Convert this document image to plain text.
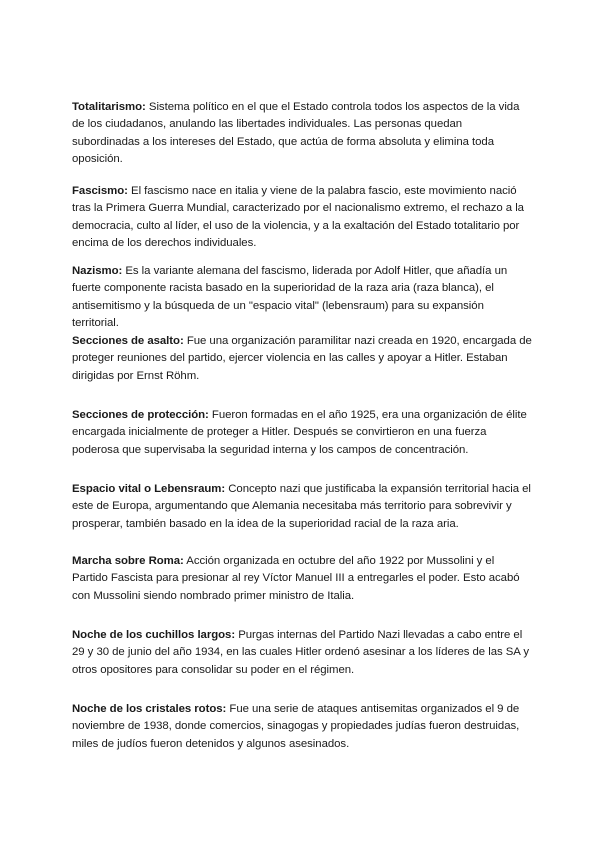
Totalitarismo: Sistema político en el que el Estado controla todos los aspectos de la vida de los ciudadanos, anulando las libertades individuales. Las personas quedan subordinadas a los intereses del Estado, que actúa de forma absoluta y elimina toda oposición.

Fascismo: El fascismo nace en italia y viene de la palabra fascio, este movimiento nació tras la Primera Guerra Mundial, caracterizado por el nacionalismo extremo, el rechazo a la democracia, culto al líder, el uso de la violencia, y a la exaltación del Estado totalitario por encima de los derechos individuales.

Nazismo: Es la variante alemana del fascismo, liderada por Adolf Hitler, que añadía un fuerte componente racista basado en la superioridad de la raza aria (raza blanca), el antisemitismo y la búsqueda de un "espacio vital" (lebensraum) para su expansión territorial.

Secciones de asalto: Fue una organización paramilitar nazi creada en 1920, encargada de proteger reuniones del partido, ejercer violencia en las calles y apoyar a Hitler. Estaban dirigidas por Ernst Röhm.

Secciones de protección: Fueron formadas en el año 1925, era una organización de élite encargada inicialmente de proteger a Hitler. Después se convirtieron en una fuerza poderosa que supervisaba la seguridad interna y los campos de concentración.

Espacio vital o Lebensraum: Concepto nazi que justificaba la expansión territorial hacia el este de Europa, argumentando que Alemania necesitaba más territorio para sobrevivir y prosperar, también basado en la idea de la superioridad racial de la raza aria.

Marcha sobre Roma: Acción organizada en octubre del año 1922 por Mussolini y el Partido Fascista para presionar al rey Víctor Manuel III a entregarles el poder. Esto acabó con Mussolini siendo nombrado primer ministro de Italia.

Noche de los cuchillos largos: Purgas internas del Partido Nazi llevadas a cabo entre el 29 y 30 de junio del año 1934, en las cuales Hitler ordenó asesinar a los líderes de las SA y otros opositores para consolidar su poder en el régimen.

Noche de los cristales rotos: Fue una serie de ataques antisemitas organizados el 9 de noviembre de 1938, donde comercios, sinagogas y propiedades judías fueron destruidas, miles de judíos fueron detenidos y algunos asesinados.
